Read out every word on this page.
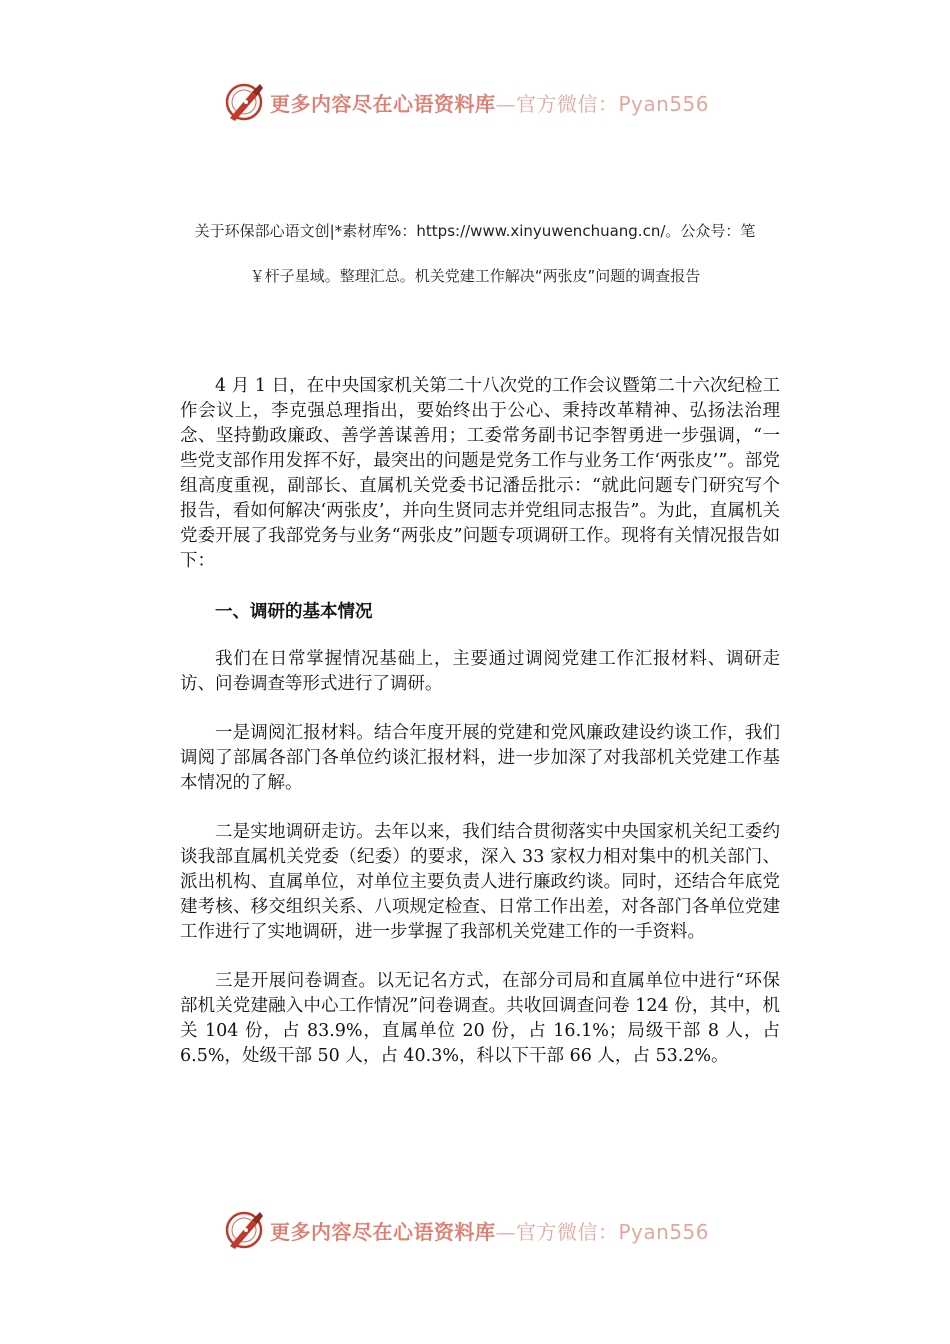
更多内容尽在心语资料库—官方微信：Pyan556
关于环保部心语文创|*素材库%：https://www.xinyuwenchuang.cn/。公众号：笔
￥杆子星域。整理汇总。机关党建工作解决“两张皮”问题的调查报告

4 月 1 日，在中央国家机关第二十八次党的工作会议暨第二十六次纪检工作会议上，李克强总理指出，要始终出于公心、秉持改革精神、弘扬法治理念、坚持勤政廉政、善学善谋善用；工委常务副书记李智勇进一步强调，“一些党支部作用发挥不好，最突出的问题是党务工作与业务工作‘两张皮’”。部党组高度重视，副部长、直属机关党委书记潘岳批示：“就此问题专门研究写个报告，看如何解决‘两张皮’，并向生贤同志并党组同志报告”。为此，直属机关党委开展了我部党务与业务“两张皮”问题专项调研工作。现将有关情况报告如下：

一、调研的基本情况

我们在日常掌握情况基础上，主要通过调阅党建工作汇报材料、调研走访、问卷调查等形式进行了调研。

一是调阅汇报材料。结合年度开展的党建和党风廉政建设约谈工作，我们调阅了部属各部门各单位约谈汇报材料，进一步加深了对我部机关党建工作基本情况的了解。

二是实地调研走访。去年以来，我们结合贯彻落实中央国家机关纪工委约谈我部直属机关党委（纪委）的要求，深入 33 家权力相对集中的机关部门、派出机构、直属单位，对单位主要负责人进行廉政约谈。同时，还结合年底党建考核、移交组织关系、八项规定检查、日常工作出差，对各部门各单位党建工作进行了实地调研，进一步掌握了我部机关党建工作的一手资料。

三是开展问卷调查。以无记名方式，在部分司局和直属单位中进行“环保部机关党建融入中心工作情况”问卷调查。共收回调查问卷 124 份，其中，机关 104 份，占 83.9%，直属单位 20 份，占 16.1%；局级干部 8 人，占 6.5%，处级干部 50 人，占 40.3%，科以下干部 66 人，占 53.2%。

更多内容尽在心语资料库—官方微信：Pyan556
